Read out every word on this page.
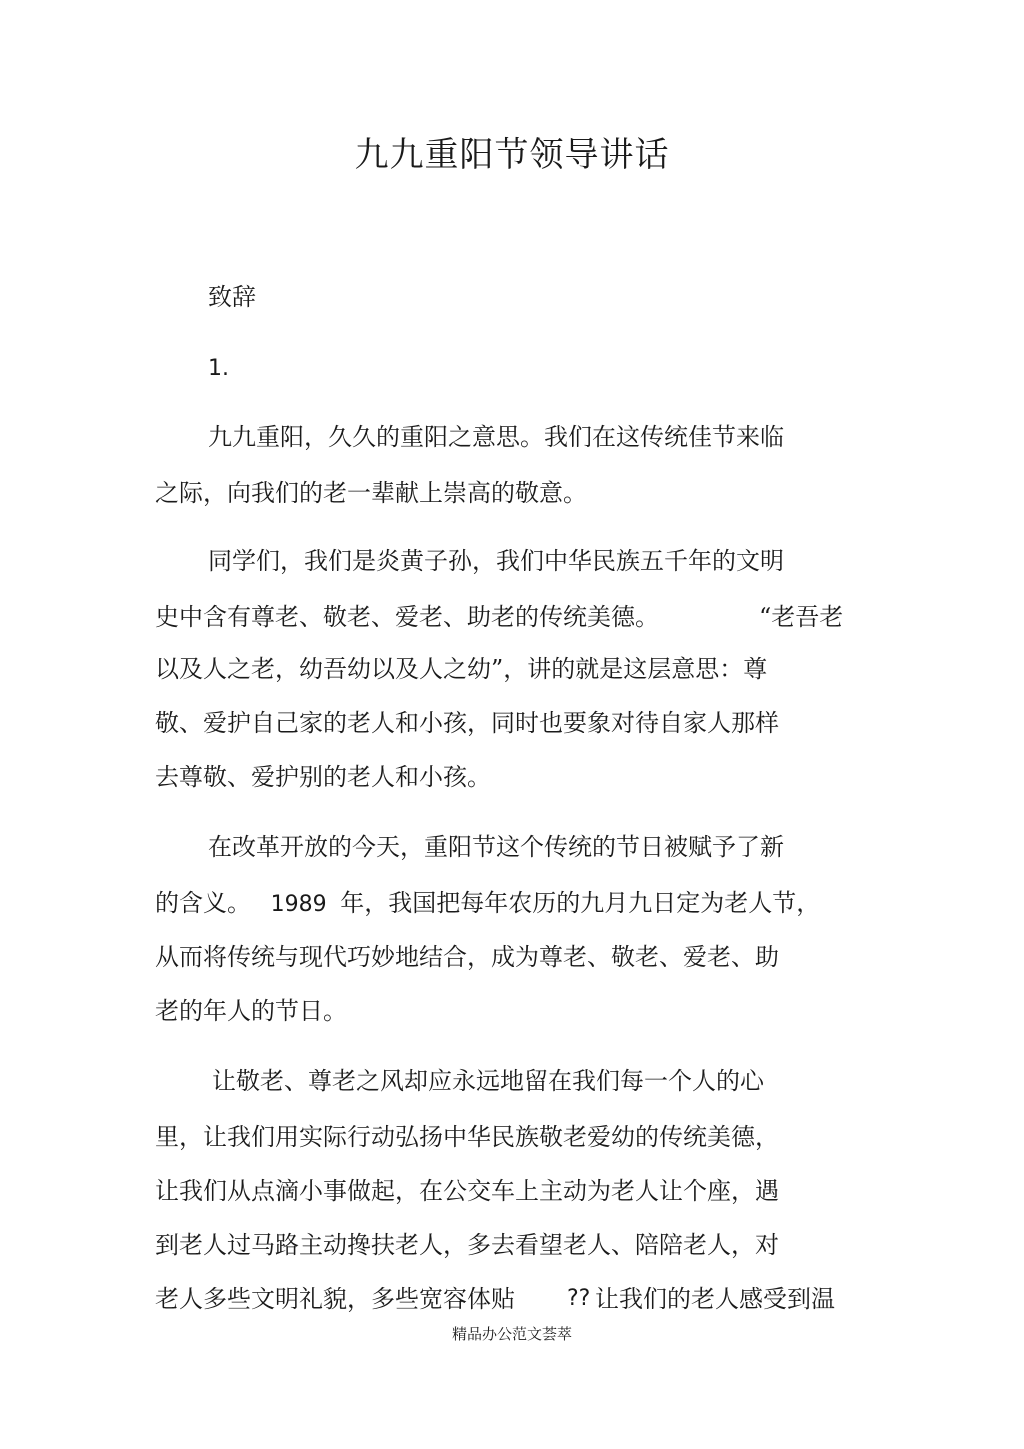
九九重阳节领导讲话
致辞
1.
九九重阳，久久的重阳之意思。我们在这传统佳节来临
之际，向我们的老一辈献上崇高的敬意。
同学们，我们是炎黄子孙，我们中华民族五千年的文明
史中含有尊老、敬老、爱老、助老的传统美德。	“老吾老
以及人之老，幼吾幼以及人之幼”，讲的就是这层意思：尊
敬、爱护自己家的老人和小孩，同时也要象对待自家人那样
去尊敬、爱护别的老人和小孩。
在改革开放的今天，重阳节这个传统的节日被赋予了新
的含义。 1989 年，我国把每年农历的九月九日定为老人节，
从而将传统与现代巧妙地结合，成为尊老、敬老、爱老、助
老的年人的节日。
让敬老、尊老之风却应永远地留在我们每一个人的心
里，让我们用实际行动弘扬中华民族敬老爱幼的传统美德，
让我们从点滴小事做起，在公交车上主动为老人让个座，遇
到老人过马路主动搀扶老人，多去看望老人、陪陪老人，对
老人多些文明礼貌，多些宽容体贴 ?? 让我们的老人感受到温
精品办公范文荟萃
